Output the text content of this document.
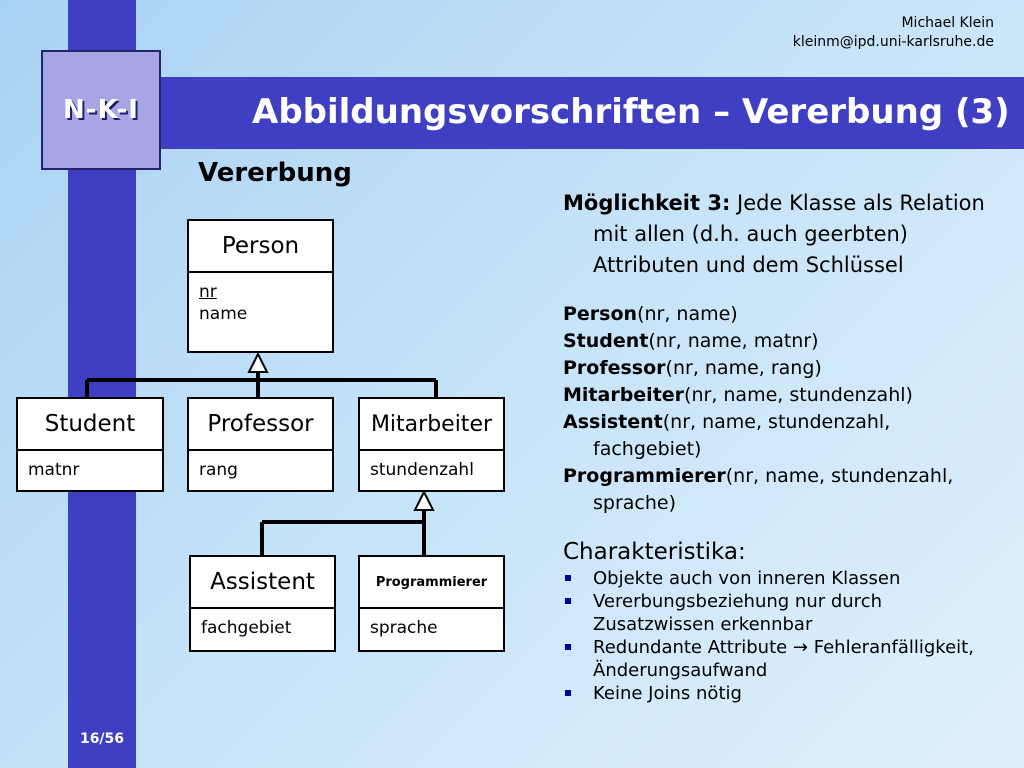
N-K-I	Abbildungsvorschriften – Vererbung (3)
Michael Klein
kleinm@ipd.uni-karlsruhe.de
Vererbung
16/56
Person
nr
name
Student
matnr
Professor
rang
Mitarbeiter
stundenzahl
Assistent
fachgebiet
Programmierer
sprache

Möglichkeit 3: Jede Klasse als Relation mit allen (d.h. auch geerbten) Attributen und dem Schlüssel

Person(nr, name)

Student(nr, name, matnr)

Professor(nr, name, rang)

Mitarbeiter(nr, name, stundenzahl)

Assistent(nr, name, stundenzahl, fachgebiet)

Programmierer(nr, name, stundenzahl, sprache)

Charakteristika:

Objekte auch von inneren Klassen
Vererbungsbeziehung nur durch Zusatzwissen erkennbar
Redundante Attribute → Fehleranfälligkeit, Änderungsaufwand
Keine Joins nötig
